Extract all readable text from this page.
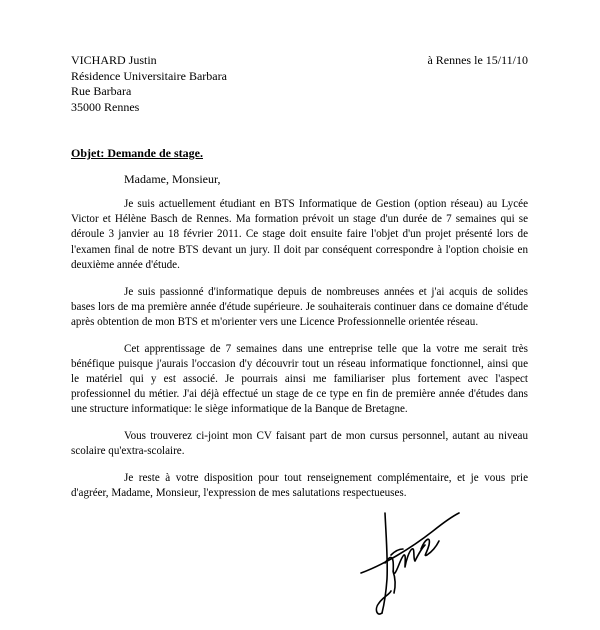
VICHARD Justin
Résidence Universitaire Barbara
Rue Barbara
35000 Rennes
à Rennes le 15/11/10
Objet: Demande de stage.
Madame, Monsieur,

Je suis actuellement étudiant en BTS Informatique de Gestion (option réseau) au Lycée Victor et Hélène Basch de Rennes. Ma formation prévoit un stage d'un durée de 7 semaines qui se déroule 3 janvier au 18 février 2011. Ce stage doit ensuite faire l'objet d'un projet présenté lors de l'examen final de notre BTS devant un jury. Il doit par conséquent correspondre à l'option choisie en deuxième année d'étude.

Je suis passionné d'informatique depuis de nombreuses années et j'ai acquis de solides bases lors de ma première année d'étude supérieure. Je souhaiterais continuer dans ce domaine d'étude après obtention de mon BTS et m'orienter vers une Licence Professionnelle orientée réseau.

Cet apprentissage de 7 semaines dans une entreprise telle que la votre me serait très bénéfique puisque j'aurais l'occasion d'y découvrir tout un réseau informatique fonctionnel, ainsi que le matériel qui y est associé. Je pourrais ainsi me familiariser plus fortement avec l'aspect professionnel du métier. J'ai déjà effectué un stage de ce type en fin de première année d'études dans une structure informatique: le siège informatique de la Banque de Bretagne.

Vous trouverez ci-joint mon CV faisant part de mon cursus personnel, autant au niveau scolaire qu'extra-scolaire.

Je reste à votre disposition pour tout renseignement complémentaire, et je vous prie d'agréer, Madame, Monsieur, l'expression de mes salutations respectueuses.
